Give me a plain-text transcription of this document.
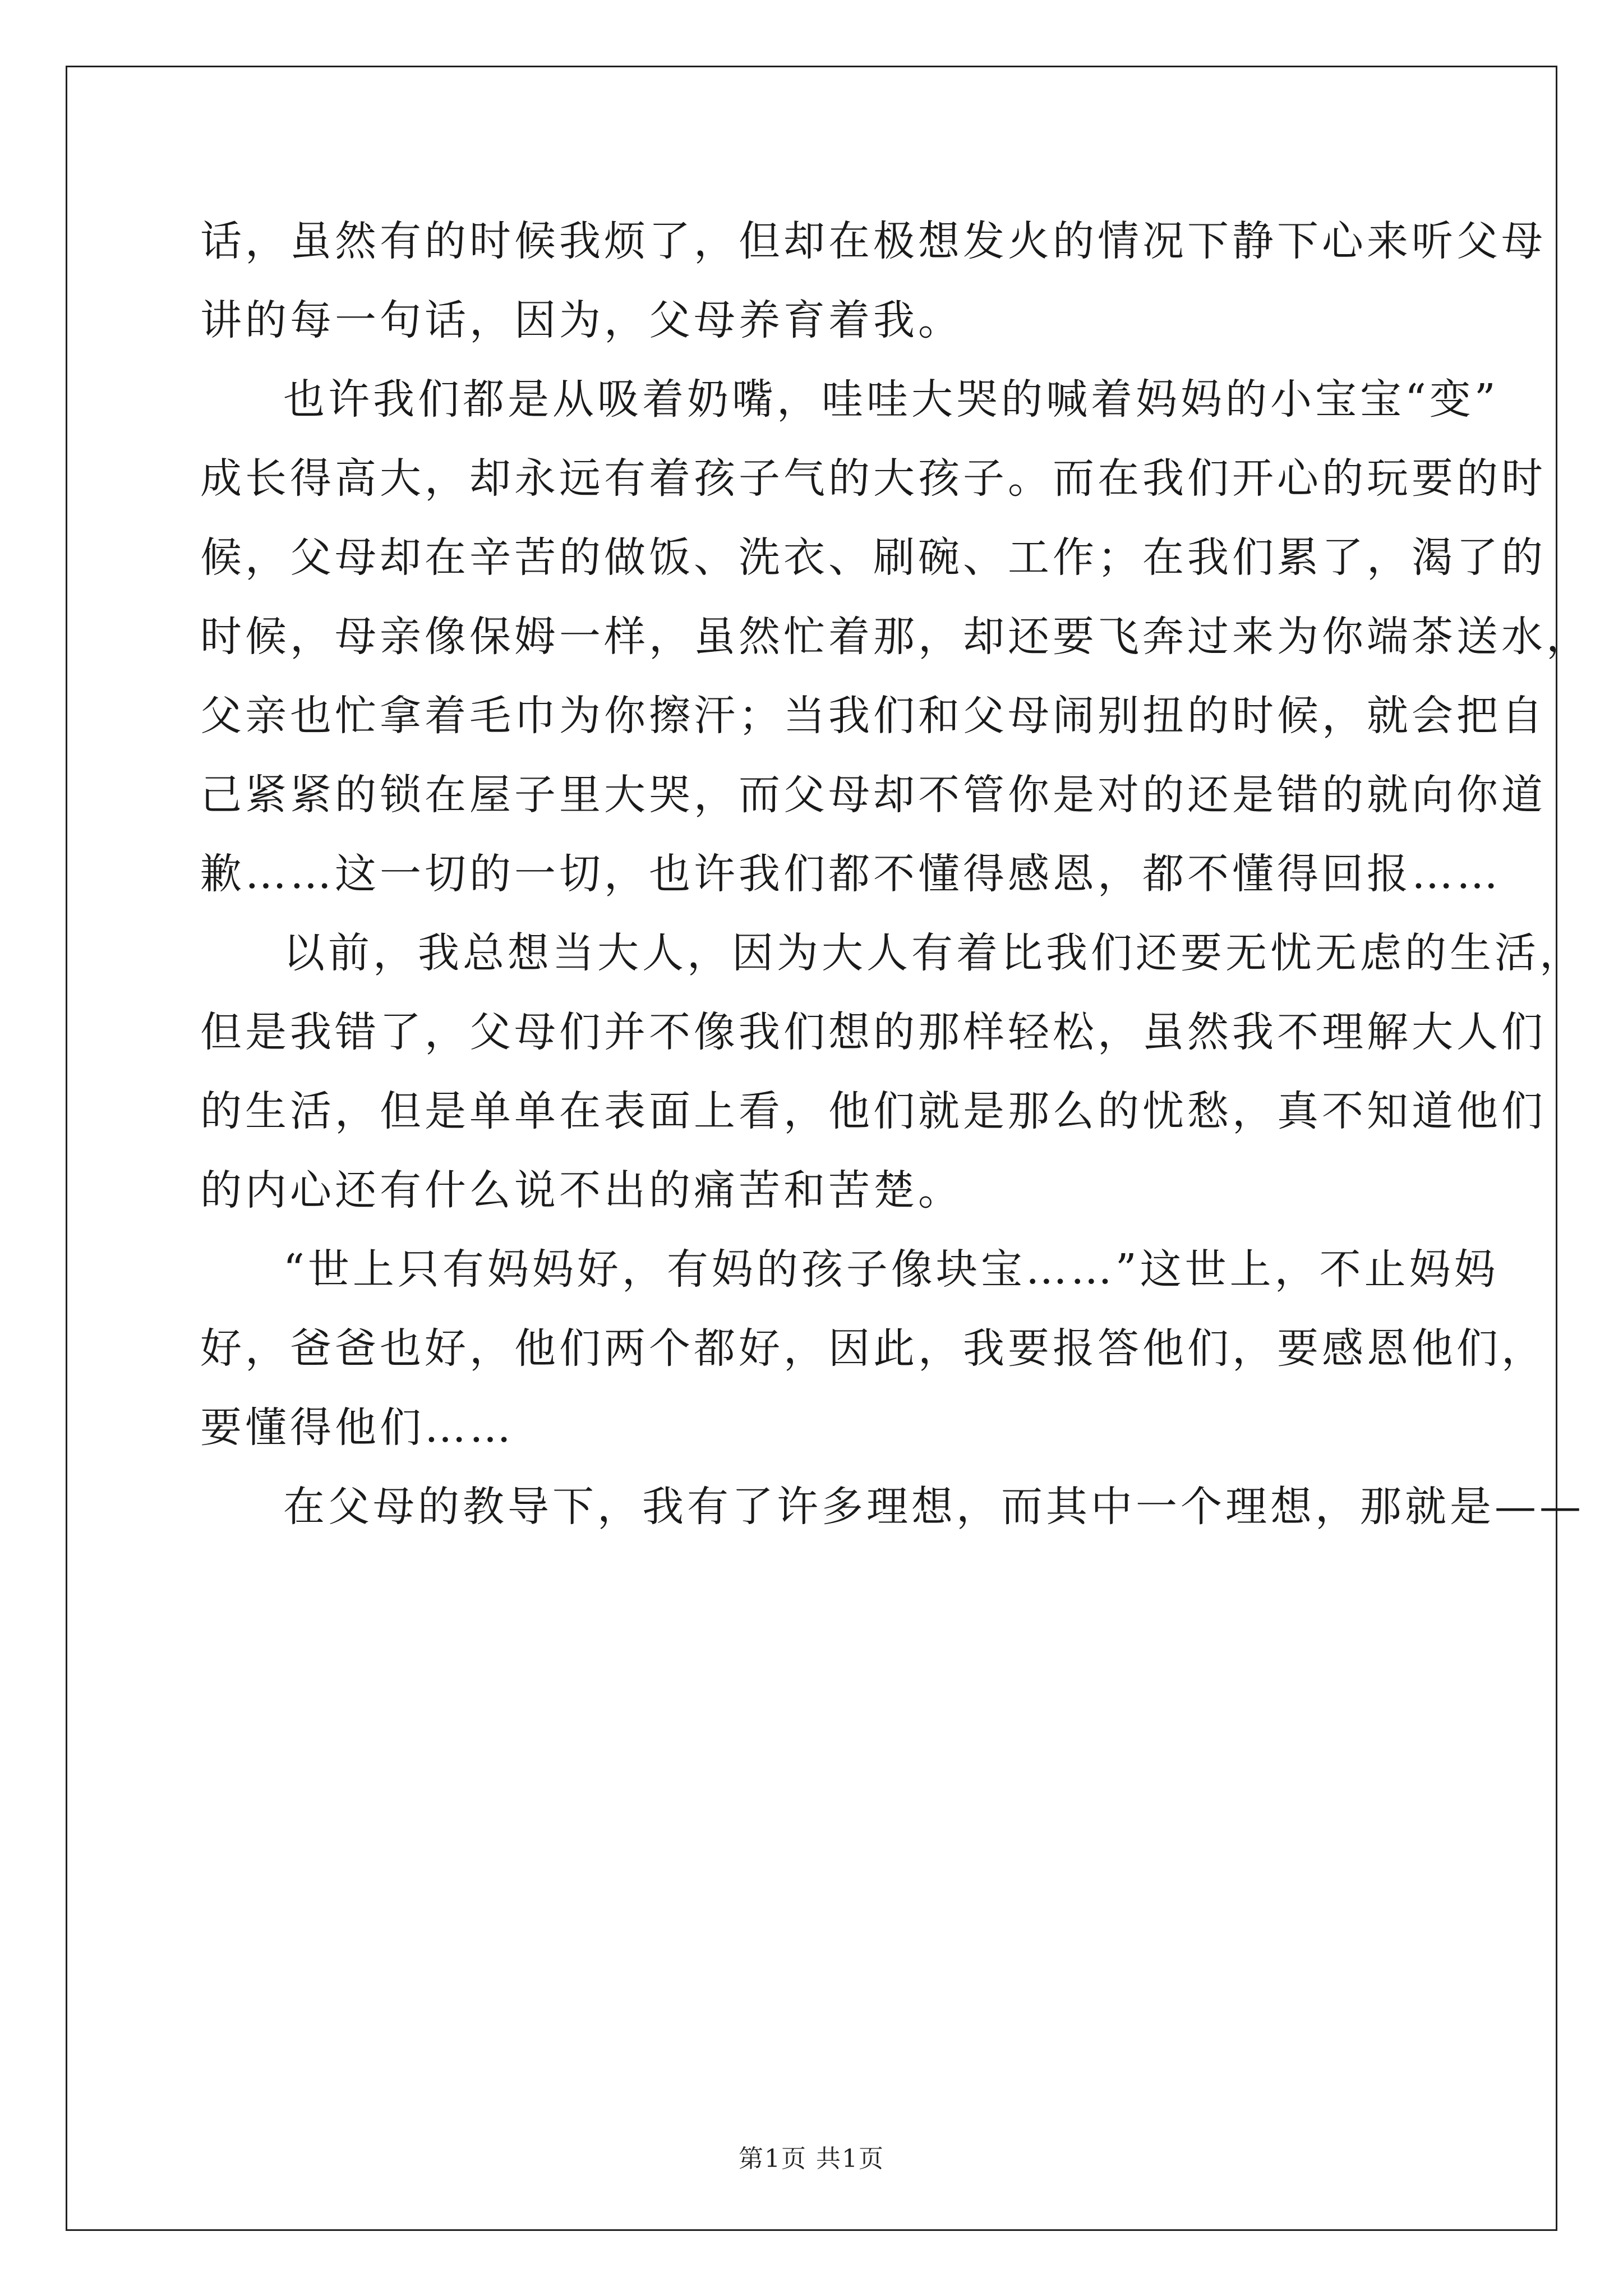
话，虽然有的时候我烦了，但却在极想发火的情况下静下心来听父母
讲的每一句话，因为，父母养育着我。
也许我们都是从吸着奶嘴，哇哇大哭的喊着妈妈的小宝宝“变”
成长得高大，却永远有着孩子气的大孩子。而在我们开心的玩要的时
候，父母却在辛苦的做饭、洗衣、刷碗、工作；在我们累了，渴了的
时候，母亲像保姆一样，虽然忙着那，却还要飞奔过来为你端茶送水，
父亲也忙拿着毛巾为你擦汗；当我们和父母闹别扭的时候，就会把自
己紧紧的锁在屋子里大哭，而父母却不管你是对的还是错的就向你道
歉……这一切的一切，也许我们都不懂得感恩，都不懂得回报……
以前，我总想当大人，因为大人有着比我们还要无忧无虑的生活，
但是我错了，父母们并不像我们想的那样轻松，虽然我不理解大人们
的生活，但是单单在表面上看，他们就是那么的忧愁，真不知道他们
的内心还有什么说不出的痛苦和苦楚。
“世上只有妈妈好，有妈的孩子像块宝……”这世上，不止妈妈
好，爸爸也好，他们两个都好，因此，我要报答他们，要感恩他们，
要懂得他们……
在父母的教导下，我有了许多理想，而其中一个理想，那就是——
第1页 共1页
